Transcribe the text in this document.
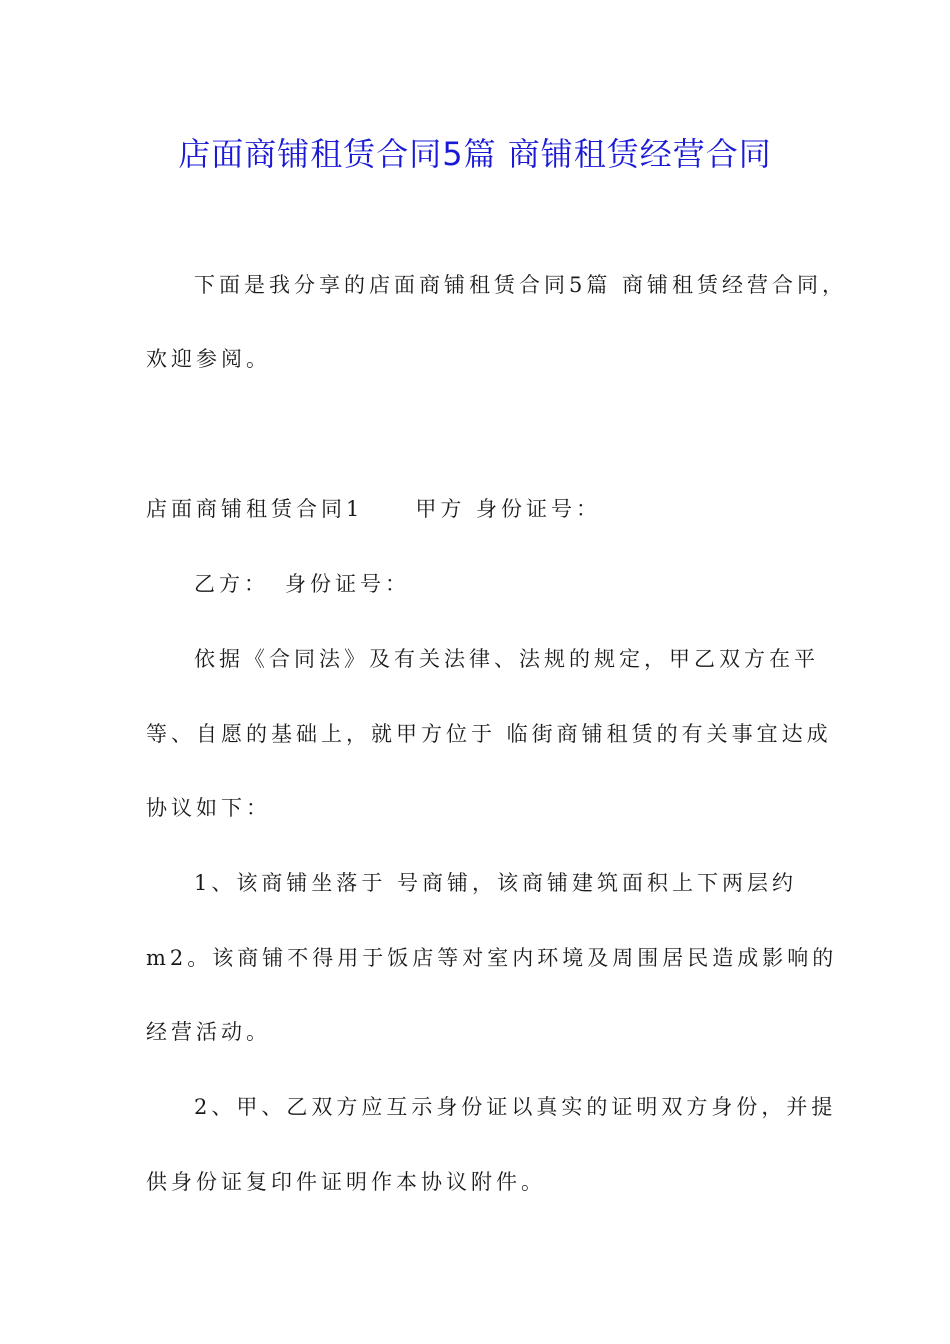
店面商铺租赁合同5篇 商铺租赁经营合同

下面是我分享的店面商铺租赁合同5篇 商铺租赁经营合同，

欢迎参阅。

店面商铺租赁合同1 甲方 身份证号：

乙方： 身份证号：

依据《合同法》及有关法律、法规的规定，甲乙双方在平

等、自愿的基础上，就甲方位于 临街商铺租赁的有关事宜达成

协议如下：

1、该商铺坐落于 号商铺，该商铺建筑面积上下两层约

m2。该商铺不得用于饭店等对室内环境及周围居民造成影响的

经营活动。

2、甲、乙双方应互示身份证以真实的证明双方身份，并提

供身份证复印件证明作本协议附件。
